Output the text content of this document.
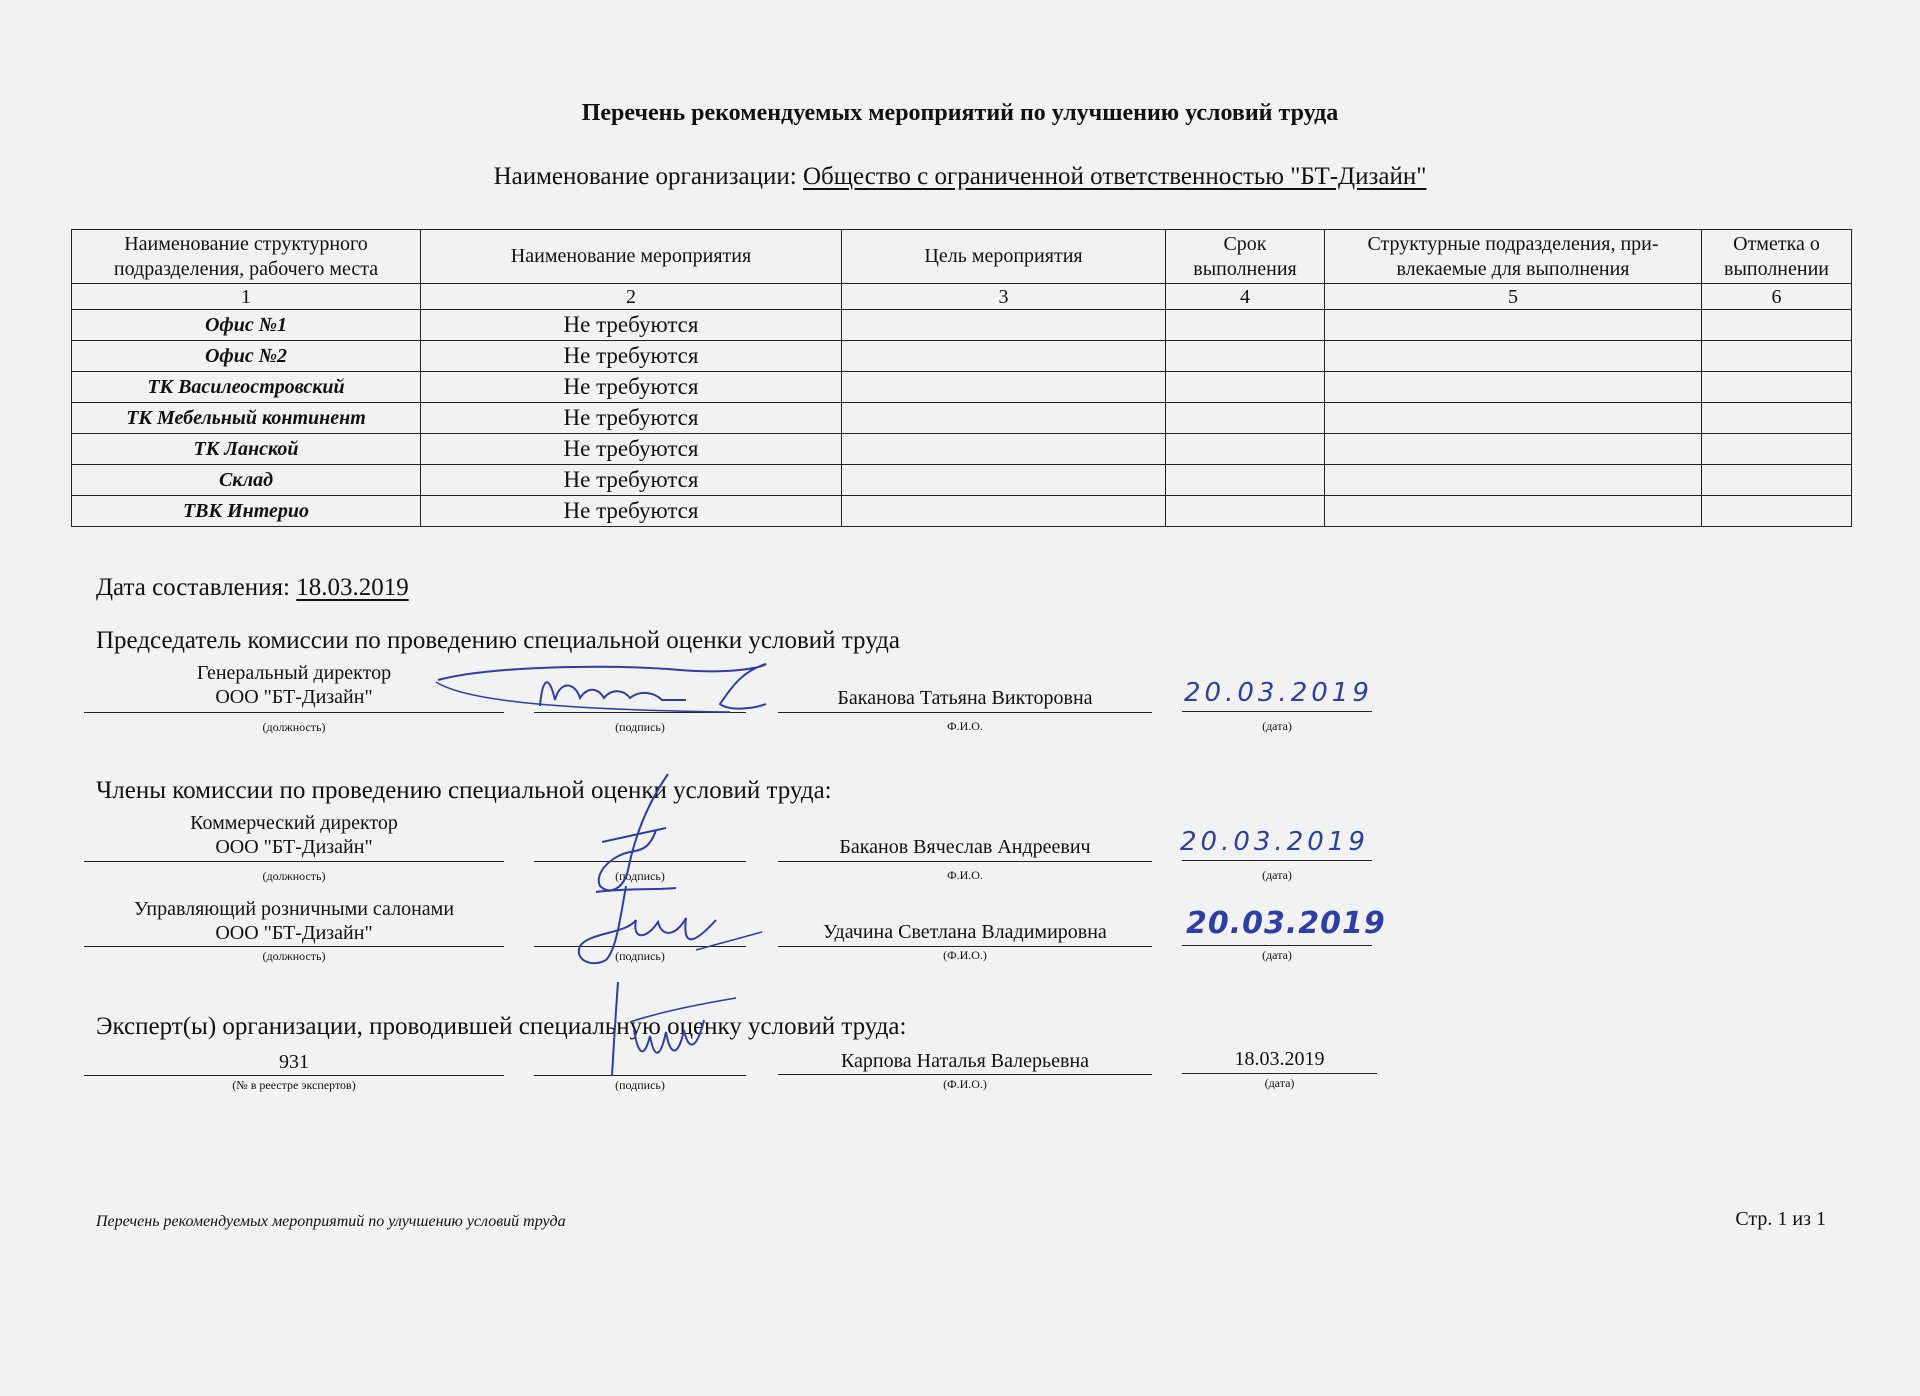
Перечень рекомендуемых мероприятий по улучшению условий труда
Наименование организации: Общество с ограниченной ответственностью "БТ-Дизайн"
Наименование структурного подразделения, рабочего места	Наименование мероприятия	Цель мероприятия	Срок выполнения	Структурные подразделения, при-влекаемые для выполнения	Отметка о выполнении
1	2	3	4	5	6
Офис №1	Не требуются				
Офис №2	Не требуются				
ТК Василеостровский	Не требуются				
ТК Мебельный континент	Не требуются				
ТК Ланской	Не требуются				
Склад	Не требуются				
ТВК Интерио	Не требуются				
Дата составления: 18.03.2019
Председатель комиссии по проведению специальной оценки условий труда
Генеральный директор
ООО "БТ-Дизайн"
(должность)	(подпись)
Баканова Татьяна Викторовна
Ф.И.О.
20.03.2019
(дата)
Члены комиссии по проведению специальной оценки условий труда:
Коммерческий директор
ООО "БТ-Дизайн"
(должность)	(подпись)
Баканов Вячеслав Андреевич
Ф.И.О.
20.03.2019
(дата)
Управляющий розничными салонами
ООО "БТ-Дизайн"
(должность)	(подпись)
Удачина Светлана Владимировна
(Ф.И.О.)
20.03.2019
(дата)
Эксперт(ы) организации, проводившей специальную оценку условий труда:
931
(№ в реестре экспертов)	(подпись)
Карпова Наталья Валерьевна
(Ф.И.О.)
18.03.2019
(дата)
Перечень рекомендуемых мероприятий по улучшению условий труда	Стр. 1 из 1
